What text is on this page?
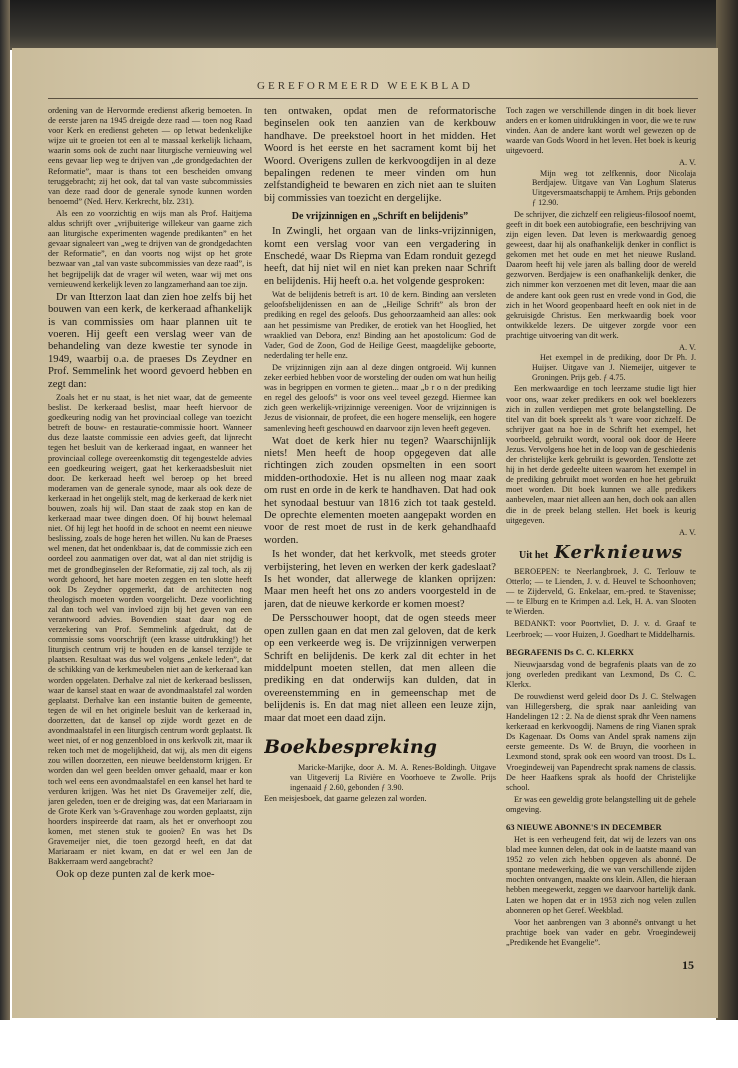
GEREFORMEERD WEEKBLAD

ordening van de Hervormde eredienst afkerig bemoeten. In de eerste jaren na 1945 dreigde deze raad — toen nog Raad voor Kerk en eredienst geheten — op letwat bedenkelijke wijze uit te groeien tot een al te massaal kerkelijk lichaam, waarin soms ook de zucht naar liturgische vernieuwing wel eens gevaar liep weg te drijven van „de grondgedachten der Reformatie”, maar is thans tot een bescheiden omvang teruggebracht; zij het ook, dat tal van vaste subcommissies van deze raad door de generale synode kunnen worden benoemd” (Ned. Herv. Kerkrecht, blz. 231).

Als een zo voorzichtig en wijs man als Prof. Haitjema aldus schrijft over „vrijbuiterige willekeur van gaarne zich aan liturgische experimenten wagende predikanten” en het gevaar signaleert van „weg te drijven van de grondgedachten der Reformatie”, en dan voorts nog wijst op het grote bezwaar van „tal van vaste subcommissies van deze raad”, is het begrijpelijk dat de vrager wil weten, waar wij met ons vernieuwend kerkelijk leven zo langzamerhand aan toe zijn.

Dr van Itterzon laat dan zien hoe zelfs bij het bouwen van een kerk, de kerkeraad afhankelijk is van commissies om haar plannen uit te voeren. Hij geeft een verslag weer van de behandeling van deze kwestie ter synode in 1949, waarbij o.a. de praeses Ds Zeydner en Prof. Semmelink het woord gevoerd hebben en zegt dan:

Zoals het er nu staat, is het niet waar, dat de gemeente beslist. De kerkeraad beslist, maar heeft hiervoor de goedkeuring nodig van het provinciaal college van toezicht betreft de bouw- en restauratie-commissie hoort. Wanneer dus deze laatste commissie een advies geeft, dat lijnrecht tegen het besluit van de kerkeraad ingaat, en wanneer het provinciaal college overeenkomstig dit tegengestelde advies een goedkeuring weigert, gaat het kerkeraadsbesluit niet door. De kerkeraad heeft wel beroep op het breed moderamen van de generale synode, maar als ook deze de kerkeraad in het ongelijk stelt, mag de kerkeraad de kerk niet bouwen, zoals hij wil. Dan staat de zaak stop en kan de kerkeraad maar twee dingen doen. Of hij bouwt helemaal niet. Of hij legt het hoofd in de schoot en neemt een nieuwe beslissing, zoals de hoge heren het willen. Nu kan de Praeses wel menen, dat het ondenkbaar is, dat de commissie zich een oordeel zou aanmatigen over dat, wat al dan niet strijdig is met de grondbeginselen der Reformatie, zij zal toch, als zij wordt gehoord, het hare moeten zeggen en ten slotte heeft ook Ds Zeydner opgemerkt, dat de architecten nog theologisch moeten worden voorgelicht. Deze voorlichting zal dan toch wel van invloed zijn bij het geven van een verantwoord advies. Bovendien staat daar nog de verzekering van Prof. Semmelink afgedrukt, dat de commissie soms voorschrijft (een krasse uitdrukking!) het liturgisch centrum vrij te houden en de kansel terzijde te plaatsen. Resultaat was dus wel volgens „enkele leden”, dat de schikking van de kerkmeubelen niet aan de kerkeraad kan worden opgelaten. Derhalve zal niet de kerkeraad beslissen, waar de kansel staat en waar de avondmaalstafel zal worden geplaatst. Derhalve kan een instantie buiten de gemeente, tegen de wil en het originele besluit van de kerkeraad in, doorzetten, dat de kansel op zijde wordt gezet en de avondmaalstafel in een liturgisch centrum wordt geplaatst. Ik weet niet, of er nog genzenbloed in ons kerkvolk zit, maar ik reken toch met de mogelijkheid, dat wij, als men dit eigens zou willen doorzetten, een nieuwe beeldenstorm krijgen. Er worden dan wel geen beelden omver gehaald, maar er kon toch wel eens een avondmaalstafel en een kansel het hard te verduren krijgen. Was het niet Ds Gravemeijer zelf, die, jaren geleden, toen er de dreiging was, dat een Mariaraam in de Grote Kerk van 's-Gravenhage zou worden geplaatst, zijn hoorders inspireerde dat raam, als het er onverhoopt zou komen, met stenen stuk te gooien? En was het Ds Gravemeijer niet, die toen gezorgd heeft, en dat dat Mariaraam er niet kwam, en dat er wel een Jan de Bakkerraam werd aangebracht?

Ook op deze punten zal de kerk moe-

ten ontwaken, opdat men de reformatorische beginselen ook ten aanzien van de kerkbouw handhave. De preekstoel hoort in het midden. Het Woord is het eerste en het sacrament komt bij het Woord. Overigens zullen de kerkvoogdijen in al deze bepalingen redenen te meer vinden om hun zelfstandigheid te bewaren en zich niet aan te sluiten bij commissies van toezicht en dergelijke.

De vrijzinnigen en „Schrift en belijdenis”

In Zwingli, het orgaan van de links-vrijzinnigen, komt een verslag voor van een vergadering in Enschedé, waar Ds Riepma van Edam ronduit gezegd heeft, dat hij niet wil en niet kan preken naar Schrift en belijdenis. Hij heeft o.a. het volgende gesproken:

Wat de belijdenis betreft is art. 10 de kern. Binding aan versleten geloofsbelijdenissen en aan de „Heilige Schrift” als bron der prediking en regel des geloofs. Dus gehoorzaamheid aan alles: ook aan het pessimisme van Prediker, de erotiek van het Hooglied, het wraaklied van Debora, enz! Binding aan het apostolicum: God de Vader, God de Zoon, God de Heilige Geest, maagdelijke geboorte, nederdaling ter helle enz.

De vrijzinnigen zijn aan al deze dingen ontgroeid. Wij kunnen zeker eerbied hebben voor de worsteling der ouden om wat hun heilig was in begrippen en vormen te gieten... maar „b r o n der prediking en regel des geloofs” is voor ons veel teveel gezegd. Hiermee kan zich geen werkelijk-vrijzinnige vereenigen. Voor de vrijzinnigen is Jezus de visionnair, de profeet, die een hogere menselijk, een hogere samenleving heeft geschouwd en daarvoor zijn leven heeft gegeven.

Wat doet de kerk hier nu tegen? Waarschijnlijk niets! Men heeft de hoop opgegeven dat alle richtingen zich zouden opsmelten in een soort midden-orthodoxie. Het is nu alleen nog maar zaak om rust en orde in de kerk te handhaven. Dat had ook het synodaal bestuur van 1816 zich tot taak gesteld. De oprechte elementen moeten aangepakt worden en voor de rest moet de rust in de kerk gehandhaafd worden.

Is het wonder, dat het kerkvolk, met steeds groter verbijstering, het leven en werken der kerk gadeslaat? Is het wonder, dat allerwege de klanken oprijzen: Maar men heeft het ons zo anders voorgesteld in de jaren, dat de nieuwe kerkorde er komen moest?

De Persschouwer hoopt, dat de ogen steeds meer open zullen gaan en dat men zal geloven, dat de kerk op een verkeerde weg is. De vrijzinnigen verwerpen Schrift en belijdenis. De kerk zal dit echter in het middelpunt moeten stellen, dat men alleen die prediking en dat onderwijs kan dulden, dat in overeenstemming en in gemeenschap met de belijdenis is. En dat mag niet alleen een leuze zijn, maar dat moet een daad zijn.

Boekbespreking

Maricke-Marijke, door A. M. A. Renes-Boldingh. Uitgave van Uitgeverij La Rivière en Voorhoeve te Zwolle. Prijs ingenaaid ƒ 2.60, gebonden ƒ 3.90.

Een meisjesboek, dat gaarne gelezen zal worden.

Toch zagen we verschillende dingen in dit boek liever anders en er komen uitdrukkingen in voor, die we te ruw vinden. Aan de andere kant wordt wel gewezen op de waarde van Gods Woord in het leven. Het boek is keurig uitgevoerd.

A. V.

Mijn weg tot zelfkennis, door Nicolaja Berdjajew. Uitgave van Van Loghum Slaterus Uitgeversmaatschappij te Arnhem. Prijs gebonden ƒ 12.90.

De schrijver, die zichzelf een religieus-filosoof noemt, geeft in dit boek een autobiografie, een beschrijving van zijn eigen leven. Dat leven is merkwaardig genoeg geweest, daar hij als onafhankelijk denker in conflict is gekomen met het oude en met het nieuwe Rusland. Daarom heeft hij vele jaren als balling door de wereld gezworven. Berdjajew is een onafhankelijk denker, die zich nimmer kon verzoenen met dit leven, maar die aan de andere kant ook geen rust en vrede vond in God, die zich in het Woord geopenbaard heeft en ook niet in de gekruisigde Christus. Een merkwaardig boek voor ontwikkelde lezers. De uitgever zorgde voor een prachtige uitvoering van dit werk.

A. V.

Het exempel in de prediking, door Dr Ph. J. Huijser. Uitgave van J. Niemeijer, uitgever te Groningen. Prijs geb. ƒ 4.75.

Een merkwaardige en toch leerzame studie ligt hier voor ons, waar zeker predikers en ook wel boeklezers zich in zullen verdiepen met grote belangstelling. De titel van dit boek spreekt als 't ware voor zichzelf. De schrijver gaat na hoe in de Schrift het exempel, het voorbeeld, gebruikt wordt, vooral ook door de Heere Jezus. Vervolgens hoe het in de loop van de geschiedenis der christelijke kerk gebruikt is geworden. Tenslotte zet hij in het derde gedeelte uiteen waarom het exempel in de prediking gebruikt moet worden en hoe het gebruikt moet worden. Dit boek kunnen we alle predikers aanbevelen, maar niet alleen aan hen, doch ook aan allen die in de preek belang stellen. Het boek is keurig uitgegeven.

A. V.
Uit het Kerknieuws

BEROEPEN: te Neerlangbroek, J. C. Terlouw te Otterlo; — te Lienden, J. v. d. Heuvel te Schoonhoven; — te Zijderveld, G. Enkelaar, em.-pred. te Stavenisse; — te Elburg en te Krimpen a.d. Lek, H. A. van Slooten te Wierden.

BEDANKT: voor Poortvliet, D. J. v. d. Graaf te Leerbroek; — voor Huizen, J. Goedhart te Middelharnis.

BEGRAFENIS Ds C. C. KLERKX

Nieuwjaarsdag vond de begrafenis plaats van de zo jong overleden predikant van Lexmond, Ds C. C. Klerkx.

De rouwdienst werd geleid door Ds J. C. Stelwagen van Hillegersberg, die sprak naar aanleiding van Handelingen 12 : 2. Na de dienst sprak dhr Veen namens kerkeraad en kerkvoogdij. Namens de ring Vianen sprak Ds Kagenaar. Ds Ooms van Andel sprak namens zijn eerste gemeente. Ds W. de Bruyn, die voorheen in Lexmond stond, sprak ook een woord van troost. Ds L. Vroegindeweij van Papendrecht sprak namens de classis. De heer Haafkens sprak als hoofd der Christelijke school.

Er was een geweldig grote belangstelling uit de gehele omgeving.

63 NIEUWE ABONNE'S IN DECEMBER

Het is een verheugend feit, dat wij de lezers van ons blad mee kunnen delen, dat ook in de laatste maand van 1952 zo velen zich hebben opgeven als abonné. De spontane medewerking, die we van verschillende zijden mochten ontvangen, maakte ons klein. Allen, die hieraan hebben meegewerkt, zeggen we daarvoor hartelijk dank. Laten we hopen dat er in 1953 zich nog velen zullen abonneren op het Geref. Weekblad.

Voor het aanbrengen van 3 abonné's ontvangt u het prachtige boek van vader en gebr. Vroegindeweij „Predikende het Evangelie”.

15
